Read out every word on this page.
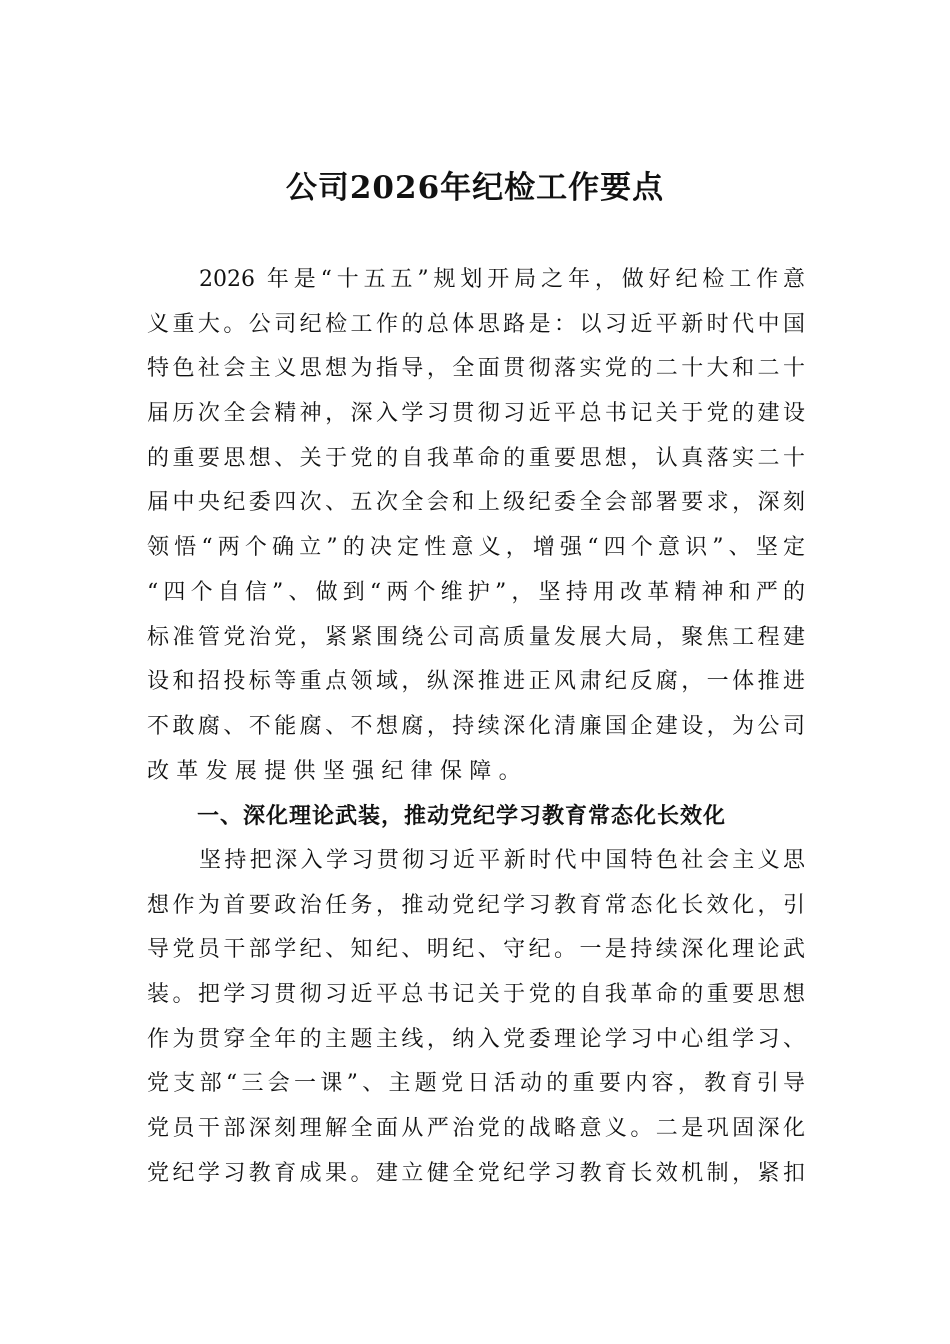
公司2026年纪检工作要点
2026 年是“十五五”规划开局之年，做好纪检工作意
义重大。公司纪检工作的总体思路是：以习近平新时代中国
特色社会主义思想为指导，全面贯彻落实党的二十大和二十
届历次全会精神，深入学习贯彻习近平总书记关于党的建设
的重要思想、关于党的自我革命的重要思想，认真落实二十
届中央纪委四次、五次全会和上级纪委全会部署要求，深刻
领悟“两个确立”的决定性意义，增强“四个意识”、坚定
“四个自信”、做到“两个维护”，坚持用改革精神和严的
标准管党治党，紧紧围绕公司高质量发展大局，聚焦工程建
设和招投标等重点领域，纵深推进正风肃纪反腐，一体推进
不敢腐、不能腐、不想腐，持续深化清廉国企建设，为公司
改革发展提供坚强纪律保障。
一、深化理论武装，推动党纪学习教育常态化长效化
坚持把深入学习贯彻习近平新时代中国特色社会主义思
想作为首要政治任务，推动党纪学习教育常态化长效化，引
导党员干部学纪、知纪、明纪、守纪。一是持续深化理论武
装。把学习贯彻习近平总书记关于党的自我革命的重要思想
作为贯穿全年的主题主线，纳入党委理论学习中心组学习、
党支部“三会一课”、主题党日活动的重要内容，教育引导
党员干部深刻理解全面从严治党的战略意义。二是巩固深化
党纪学习教育成果。建立健全党纪学习教育长效机制，紧扣
